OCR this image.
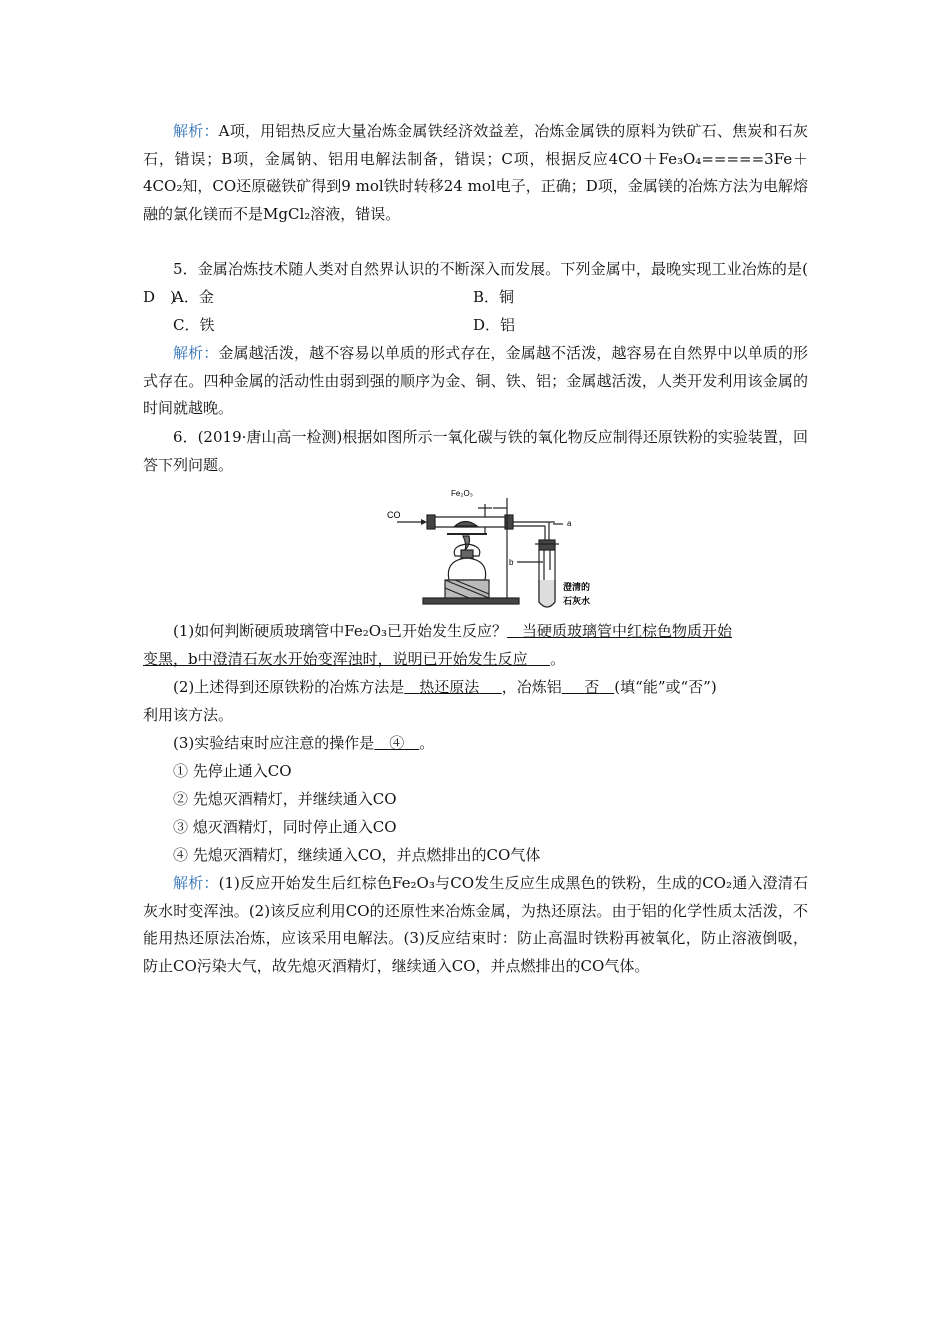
解析：A项，用铝热反应大量冶炼金属铁经济效益差，冶炼金属铁的原料为铁矿石、焦炭和石灰石，错误；B项，金属钠、铝用电解法制备，错误；C项，根据反应4CO＋Fe₃O₄=====3Fe＋4CO₂知，CO还原磁铁矿得到9 mol铁时转移24 mol电子，正确；D项，金属镁的冶炼方法为电解熔融的氯化镁而不是MgCl₂溶液，错误。

5．金属冶炼技术随人类对自然界认识的不断深入而发展。下列金属中，最晚实现工业冶炼的是(　D　)

A．金	B．铜
C．铁	D．铝

解析：金属越活泼，越不容易以单质的形式存在，金属越不活泼，越容易在自然界中以单质的形式存在。四种金属的活动性由弱到强的顺序为金、铜、铁、铝；金属越活泼，人类开发利用该金属的时间就越晚。

6．(2019·唐山高一检测)根据如图所示一氧化碳与铁的氧化物反应制得还原铁粉的实验装置，回答下列问题。

CO
Fe₂O₃
a
b
澄清的
石灰水
(1)如何判断硬质玻璃管中Fe₂O₃已开始发生反应？   当硬质玻璃管中红棕色物质开始
变黑，b中澄清石灰水开始变浑浊时，说明已开始发生反应    。
(2)上述得到还原铁粉的冶炼方法是   热还原法    ，冶炼铝    否   (填“能”或“否”)
利用该方法。
(3)实验结束时应注意的操作是   ④   。
① 先停止通入CO
② 先熄灭酒精灯，并继续通入CO
③ 熄灭酒精灯，同时停止通入CO
④ 先熄灭酒精灯，继续通入CO，并点燃排出的CO气体

解析：(1)反应开始发生后红棕色Fe₂O₃与CO发生反应生成黑色的铁粉，生成的CO₂通入澄清石灰水时变浑浊。(2)该反应利用CO的还原性来冶炼金属，为热还原法。由于铝的化学性质太活泼，不能用热还原法冶炼，应该采用电解法。(3)反应结束时：防止高温时铁粉再被氧化，防止溶液倒吸，防止CO污染大气，故先熄灭酒精灯，继续通入CO，并点燃排出的CO气体。
